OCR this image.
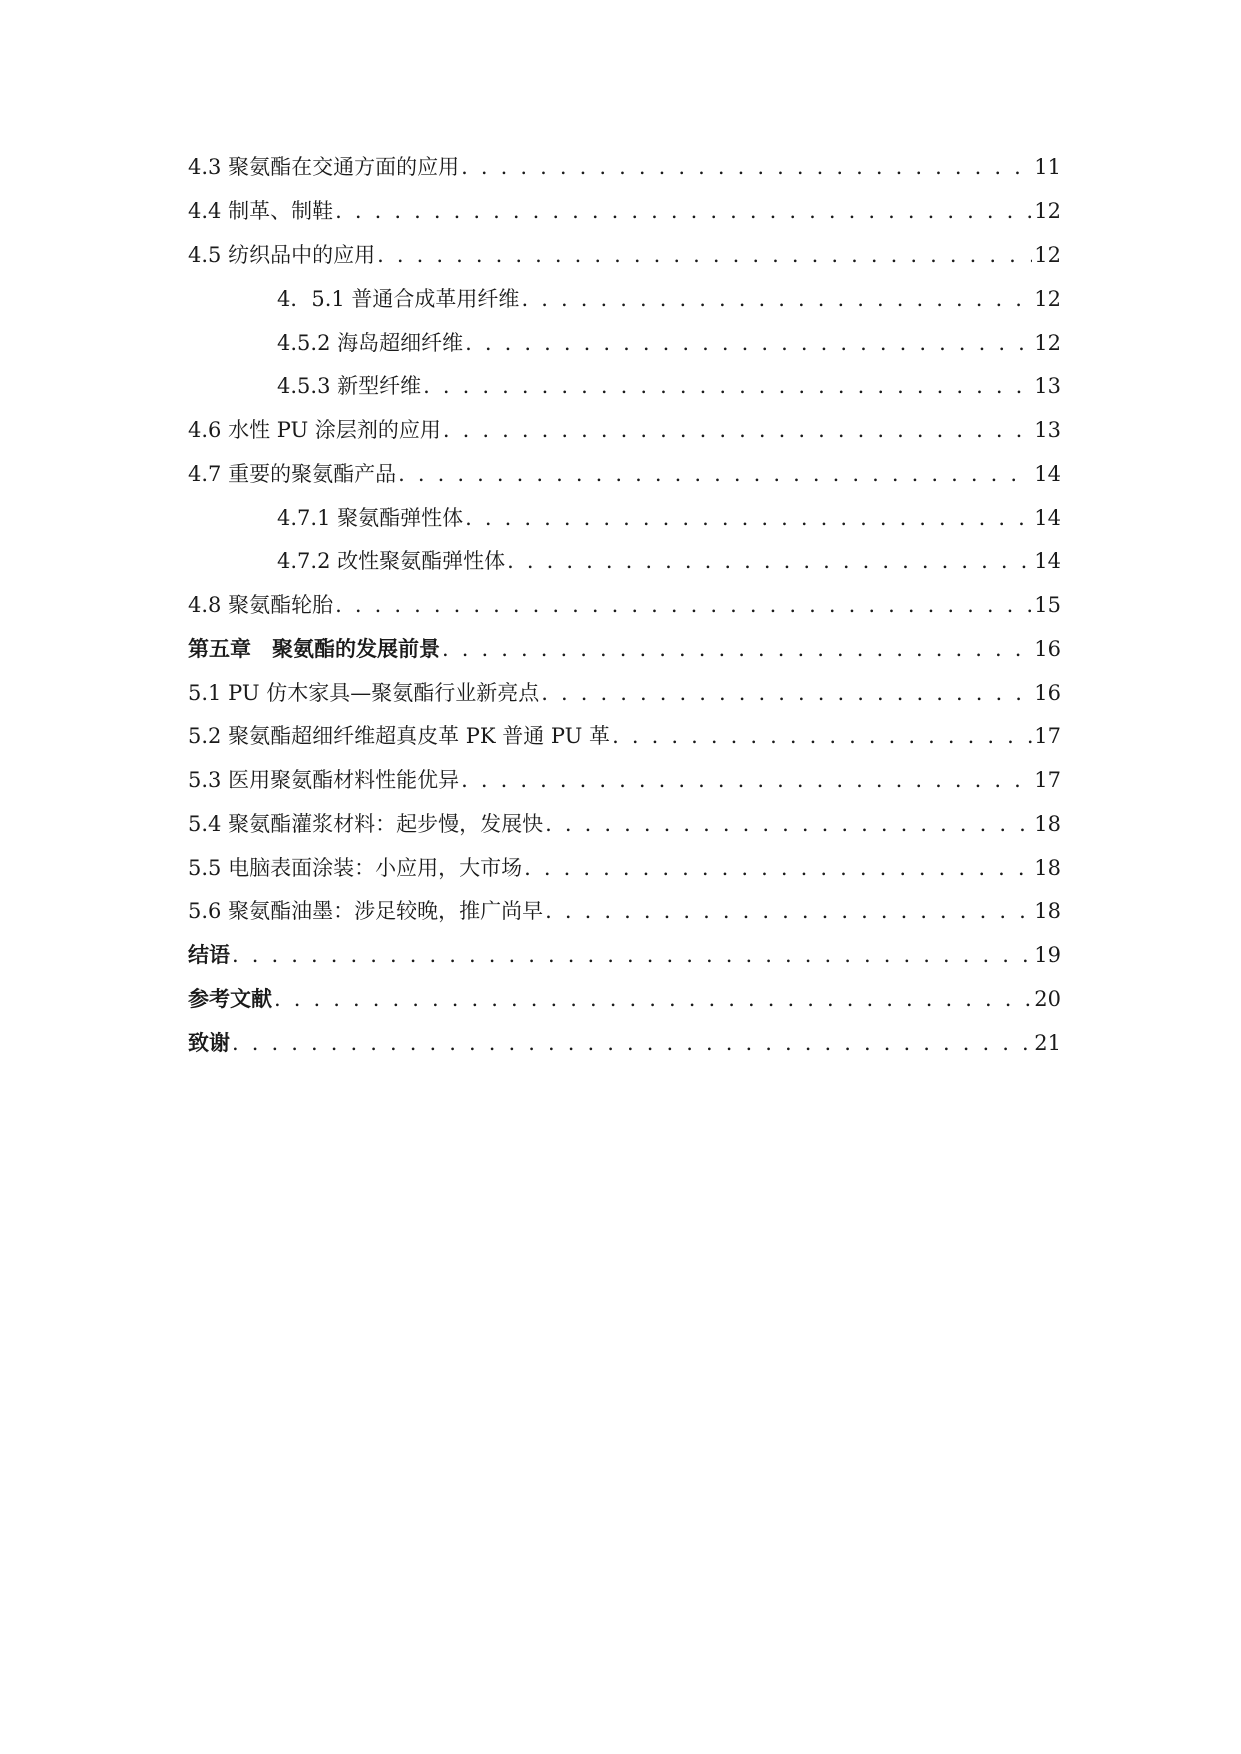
4.3 聚氨酯在交通方面的应用 . . .	11
4.4 制革、制鞋 . . .	12
4.5 纺织品中的应用 . . .	12
4．5.1 普通合成革用纤维 . . .	12
4.5.2 海岛超细纤维 . . .	12
4.5.3 新型纤维 . . .	13
4.6 水性 PU 涂层剂的应用 . . .	13
4.7 重要的聚氨酯产品 . . .	14
4.7.1 聚氨酯弹性体 . . .	14
4.7.2 改性聚氨酯弹性体 . . .	14
4.8 聚氨酯轮胎 . . .	15
第五章　聚氨酯的发展前景 . . .	16
5.1 PU 仿木家具—聚氨酯行业新亮点 . . .	16
5.2 聚氨酯超细纤维超真皮革 PK 普通 PU 革 . . .	17
5.3 医用聚氨酯材料性能优异 . . .	17
5.4 聚氨酯灌浆材料：起步慢，发展快 . . .	18
5.5 电脑表面涂装：小应用，大市场 . . .	18
5.6 聚氨酯油墨：涉足较晚，推广尚早 . . .	18
结语 . . .	19
参考文献 . . .	20
致谢 . . .	21
